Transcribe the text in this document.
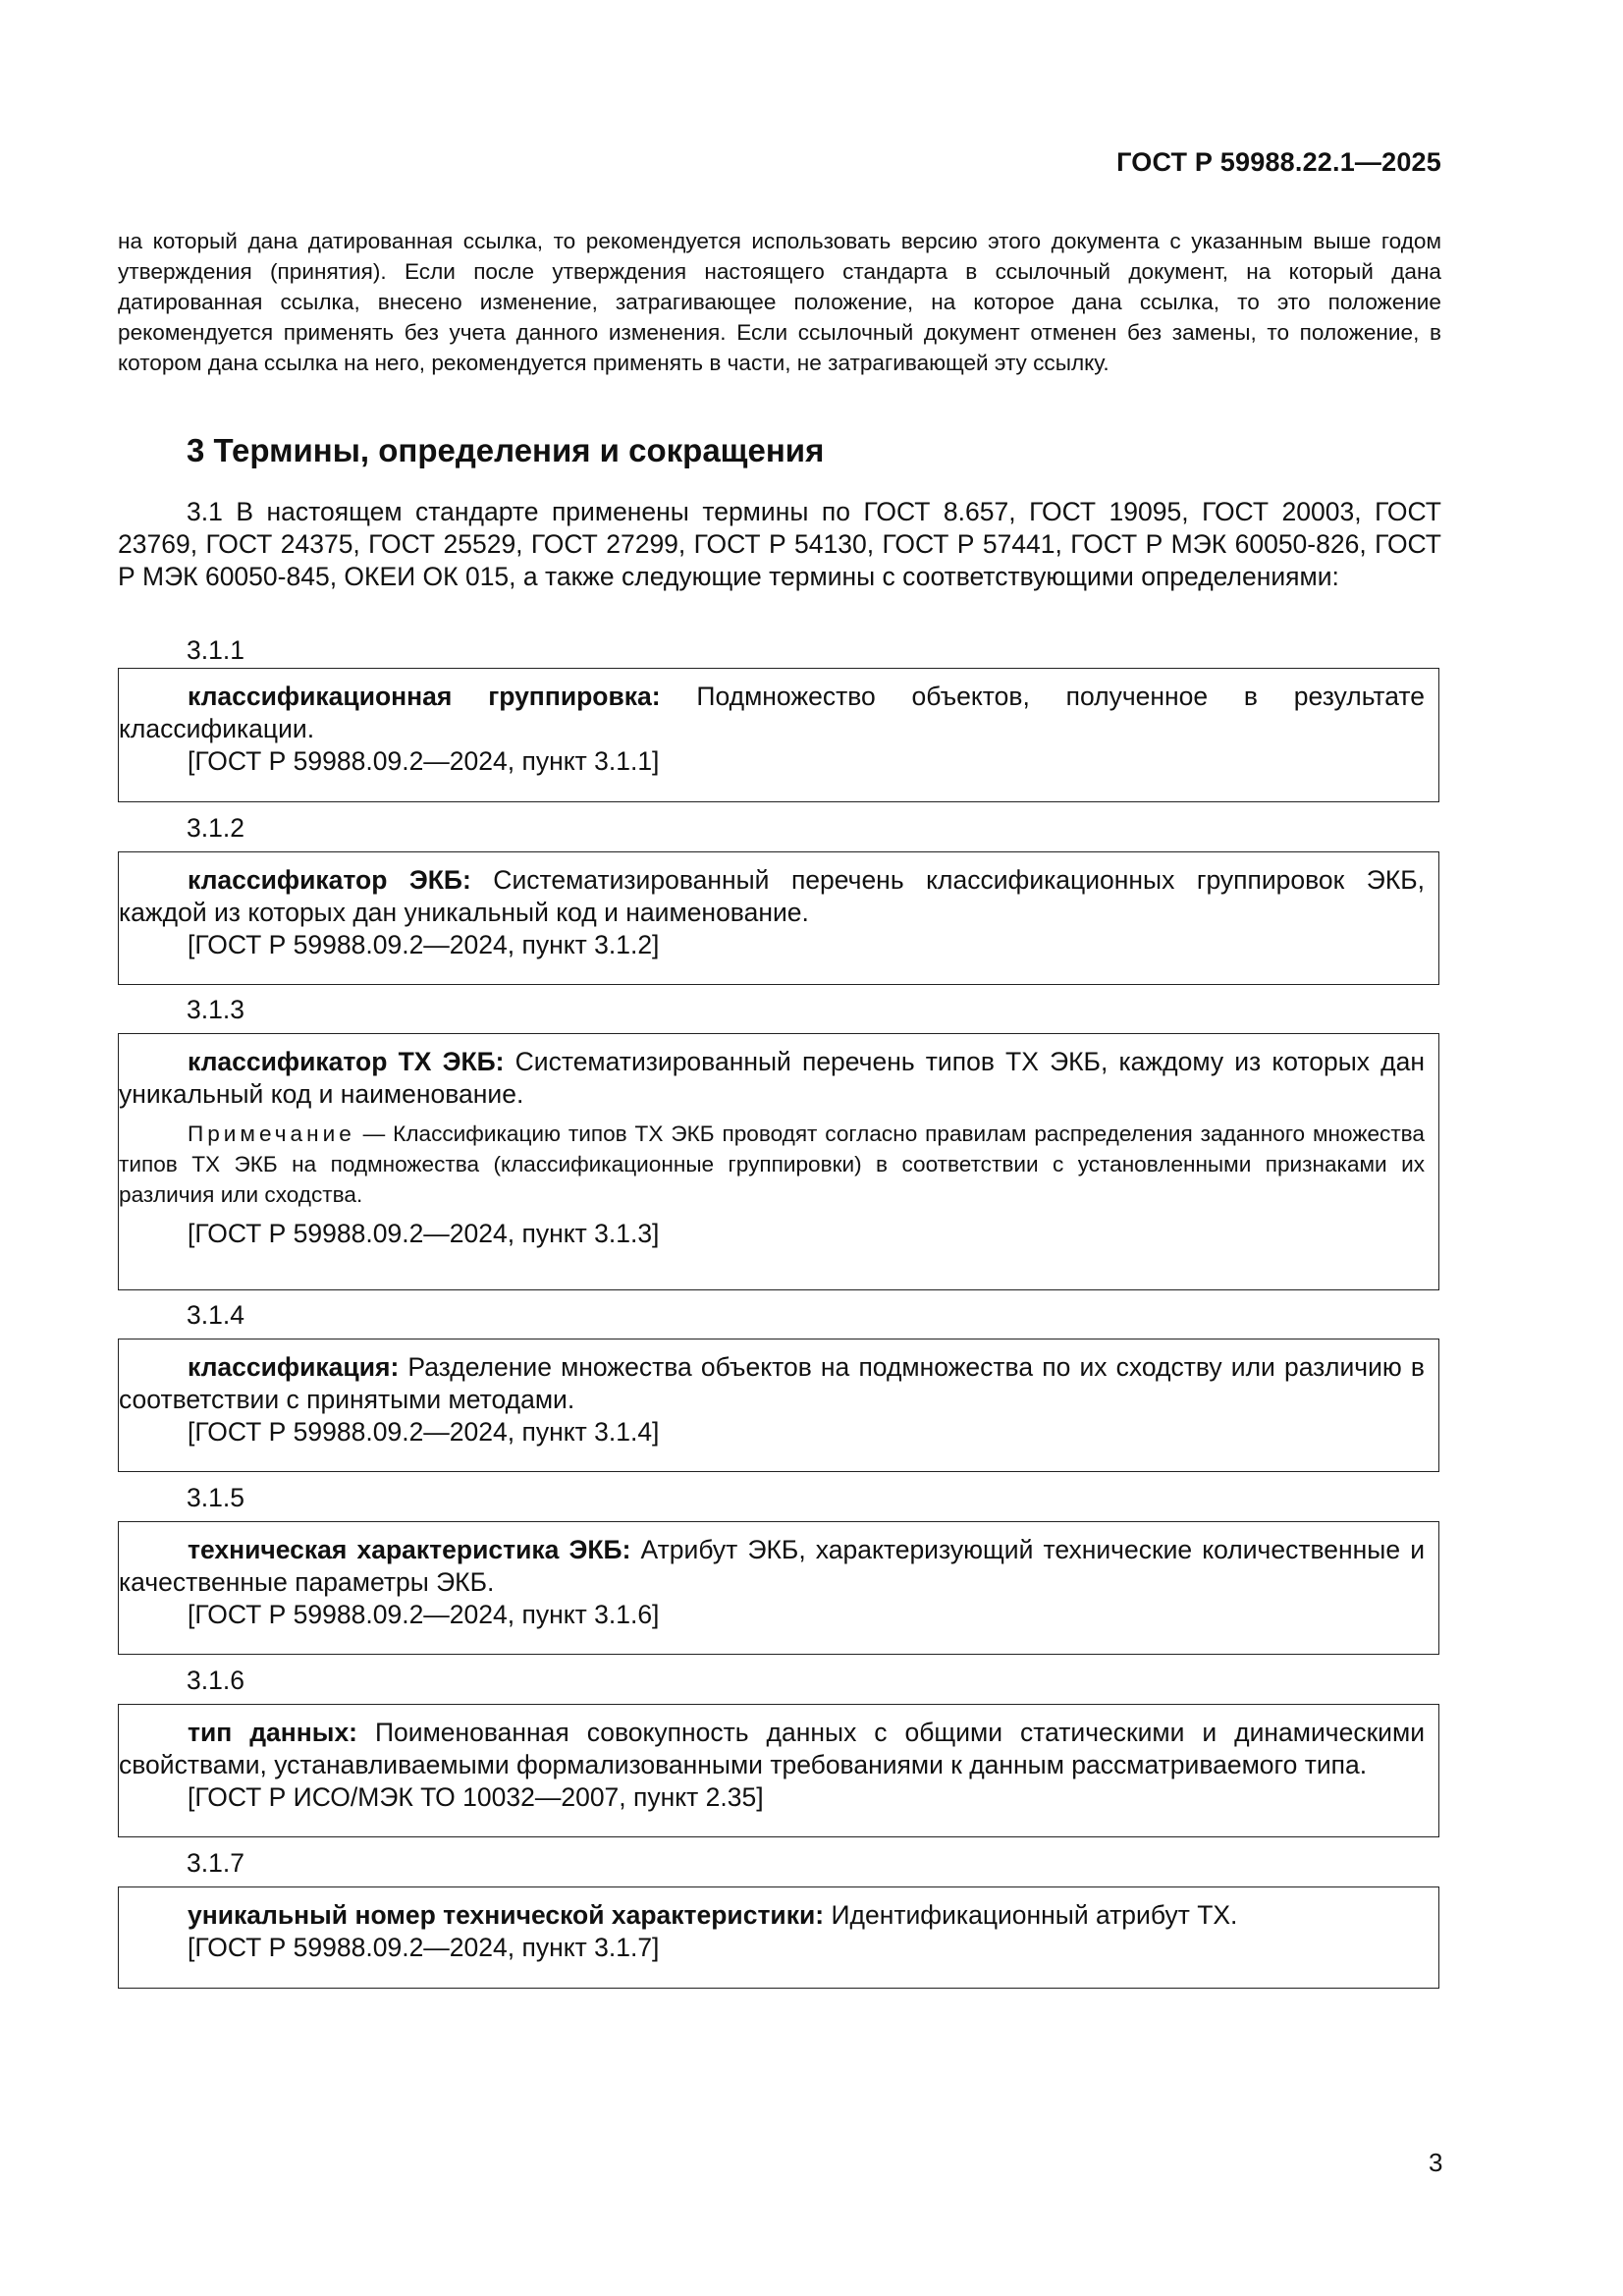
ГОСТ Р 59988.22.1—2025

на который дана датированная ссылка, то рекомендуется использовать версию этого документа с указанным выше годом утверждения (принятия). Если после утверждения настоящего стандарта в ссылочный документ, на который дана датированная ссылка, внесено изменение, затрагивающее положение, на которое дана ссылка, то это положение рекомендуется применять без учета данного изменения. Если ссылочный документ отменен без замены, то положение, в котором дана ссылка на него, рекомендуется применять в части, не затрагивающей эту ссылку.

3 Термины, определения и сокращения

3.1 В настоящем стандарте применены термины по ГОСТ 8.657, ГОСТ 19095, ГОСТ 20003, ГОСТ 23769, ГОСТ 24375, ГОСТ 25529, ГОСТ 27299, ГОСТ Р 54130, ГОСТ Р 57441, ГОСТ Р МЭК 60050-826, ГОСТ Р МЭК 60050-845, ОКЕИ ОК 015, а также следующие термины с соответствующими определениями:

3.1.1

классификационная группировка: Подмножество объектов, полученное в результате классификации.

[ГОСТ Р 59988.09.2—2024, пункт 3.1.1]

3.1.2

классификатор ЭКБ: Систематизированный перечень классификационных группировок ЭКБ, каждой из которых дан уникальный код и наименование.

[ГОСТ Р 59988.09.2—2024, пункт 3.1.2]

3.1.3

классификатор ТХ ЭКБ: Систематизированный перечень типов ТХ ЭКБ, каждому из которых дан уникальный код и наименование.

Примечание — Классификацию типов ТХ ЭКБ проводят согласно правилам распределения заданного множества типов ТХ ЭКБ на подмножества (классификационные группировки) в соответствии с установленными признаками их различия или сходства.

[ГОСТ Р 59988.09.2—2024, пункт 3.1.3]

3.1.4

классификация: Разделение множества объектов на подмножества по их сходству или различию в соответствии с принятыми методами.

[ГОСТ Р 59988.09.2—2024, пункт 3.1.4]

3.1.5

техническая характеристика ЭКБ: Атрибут ЭКБ, характеризующий технические количественные и качественные параметры ЭКБ.

[ГОСТ Р 59988.09.2—2024, пункт 3.1.6]

3.1.6

тип данных: Поименованная совокупность данных с общими статическими и динамическими свойствами, устанавливаемыми формализованными требованиями к данным рассматриваемого типа.

[ГОСТ Р ИСО/МЭК ТО 10032—2007, пункт 2.35]

3.1.7

уникальный номер технической характеристики: Идентификационный атрибут ТХ.

[ГОСТ Р 59988.09.2—2024, пункт 3.1.7]

3
